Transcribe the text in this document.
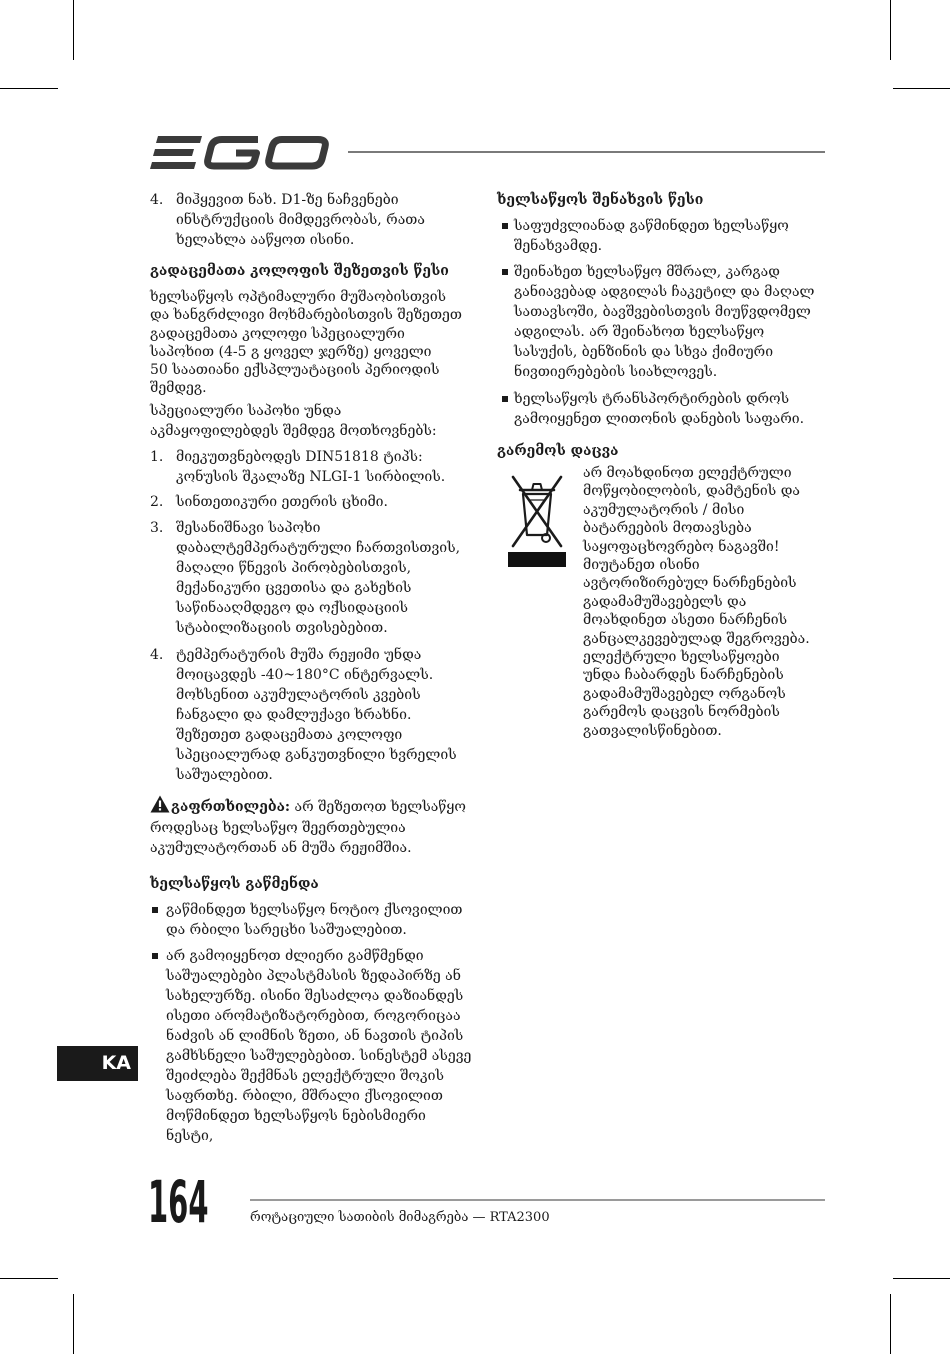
4. მიჰყევით ნახ. D1-ზე ნაჩვენები
ინსტრუქციის მიმდევრობას, რათა
ხელახლა ააწყოთ ისინი.
გადაცემათა კოლოფის შეზეთვის წესი
ხელსაწყოს ოპტიმალური მუშაობისთვის
და ხანგრძლივი მოხმარებისთვის შეზეთეთ
გადაცემათა კოლოფი სპეციალური
საპოხით (4-5 გ ყოველ ჯერზე) ყოველი
50 საათიანი ექსპლუატაციის პერიოდის
შემდეგ.
სპეციალური საპოხი უნდა
აკმაყოფილებდეს შემდეგ მოთხოვნებს:
1. მიეკუთვნებოდეს DIN51818 ტიპს:
კონუსის შკალაზე NLGI-1 სირბილის.
2. სინთეთიკური ეთერის ცხიმი.
3. შესანიშნავი საპოხი
დაბალტემპერატურული ჩართვისთვის,
მაღალი წნევის პირობებისთვის,
მექანიკური ცვეთისა და გახეხის
საწინააღმდეგო და ოქსიდაციის
სტაბილიზაციის თვისებებით.
4. ტემპერატურის მუშა რეჟიმი უნდა
მოიცავდეს -40~180°C ინტერვალს.
მოხსენით აკუმულატორის კვების
ჩანგალი და დამლუქავი ხრახნი.
შეზეთეთ გადაცემათა კოლოფი
სპეციალურად განკუთვნილი ხვრელის
საშუალებით.
გაფრთხილება: არ შეზეთოთ ხელსაწყო
როდესაც ხელსაწყო შეერთებულია
აკუმულატორთან ან მუშა რეჟიმშია.
ხელსაწყოს გაწმენდა
გაწმინდეთ ხელსაწყო ნოტიო ქსოვილით
და რბილი სარეცხი საშუალებით.
არ გამოიყენოთ ძლიერი გამწმენდი
საშუალებები პლასტმასის ზედაპირზე ან
სახელურზე. ისინი შესაძლოა დაზიანდეს
ისეთი არომატიზატორებით, როგორიცაა
ნაძვის ან ლიმნის ზეთი, ან ნავთის ტიპის
გამხსნელი საშულებებით. სინესტემ ასევე
შეიძლება შექმნას ელექტრული შოკის
საფრთხე. რბილი, მშრალი ქსოვილით
მოწმინდეთ ხელსაწყოს ნებისმიერი
ნესტი,
ხელსაწყოს შენახვის წესი
საფუძვლიანად გაწმინდეთ ხელსაწყო
შენახვამდე.
შეინახეთ ხელსაწყო მშრალ, კარგად
განიავებად ადგილას ჩაკეტილ და მაღალ
სათავსოში, ბავშვებისთვის მიუწვდომელ
ადგილას. არ შეინახოთ ხელსაწყო
სასუქის, ბენზინის და სხვა ქიმიური
ნივთიერებების სიახლოვეს.
ხელსაწყოს ტრანსპორტირების დროს
გამოიყენეთ ლითონის დანების საფარი.
გარემოს დაცვა
არ მოახდინოთ ელექტრული
მოწყობილობის, დამტენის და
აკუმულატორის / მისი
ბატარეების მოთავსება
საყოფაცხოვრებო ნაგავში!
მიუტანეთ ისინი
ავტორიზირებულ ნარჩენების
გადამამუშავებელს და
მოახდინეთ ასეთი ნარჩენის
განცალკევებულად შეგროვება.
ელექტრული ხელსაწყოები
უნდა ჩაბარდეს ნარჩენების
გადამამუშავებელ ორგანოს
გარემოს დაცვის ნორმების
გათვალისწინებით.
KA
164	როტაციული სათიბის მიმაგრება — RTA2300
